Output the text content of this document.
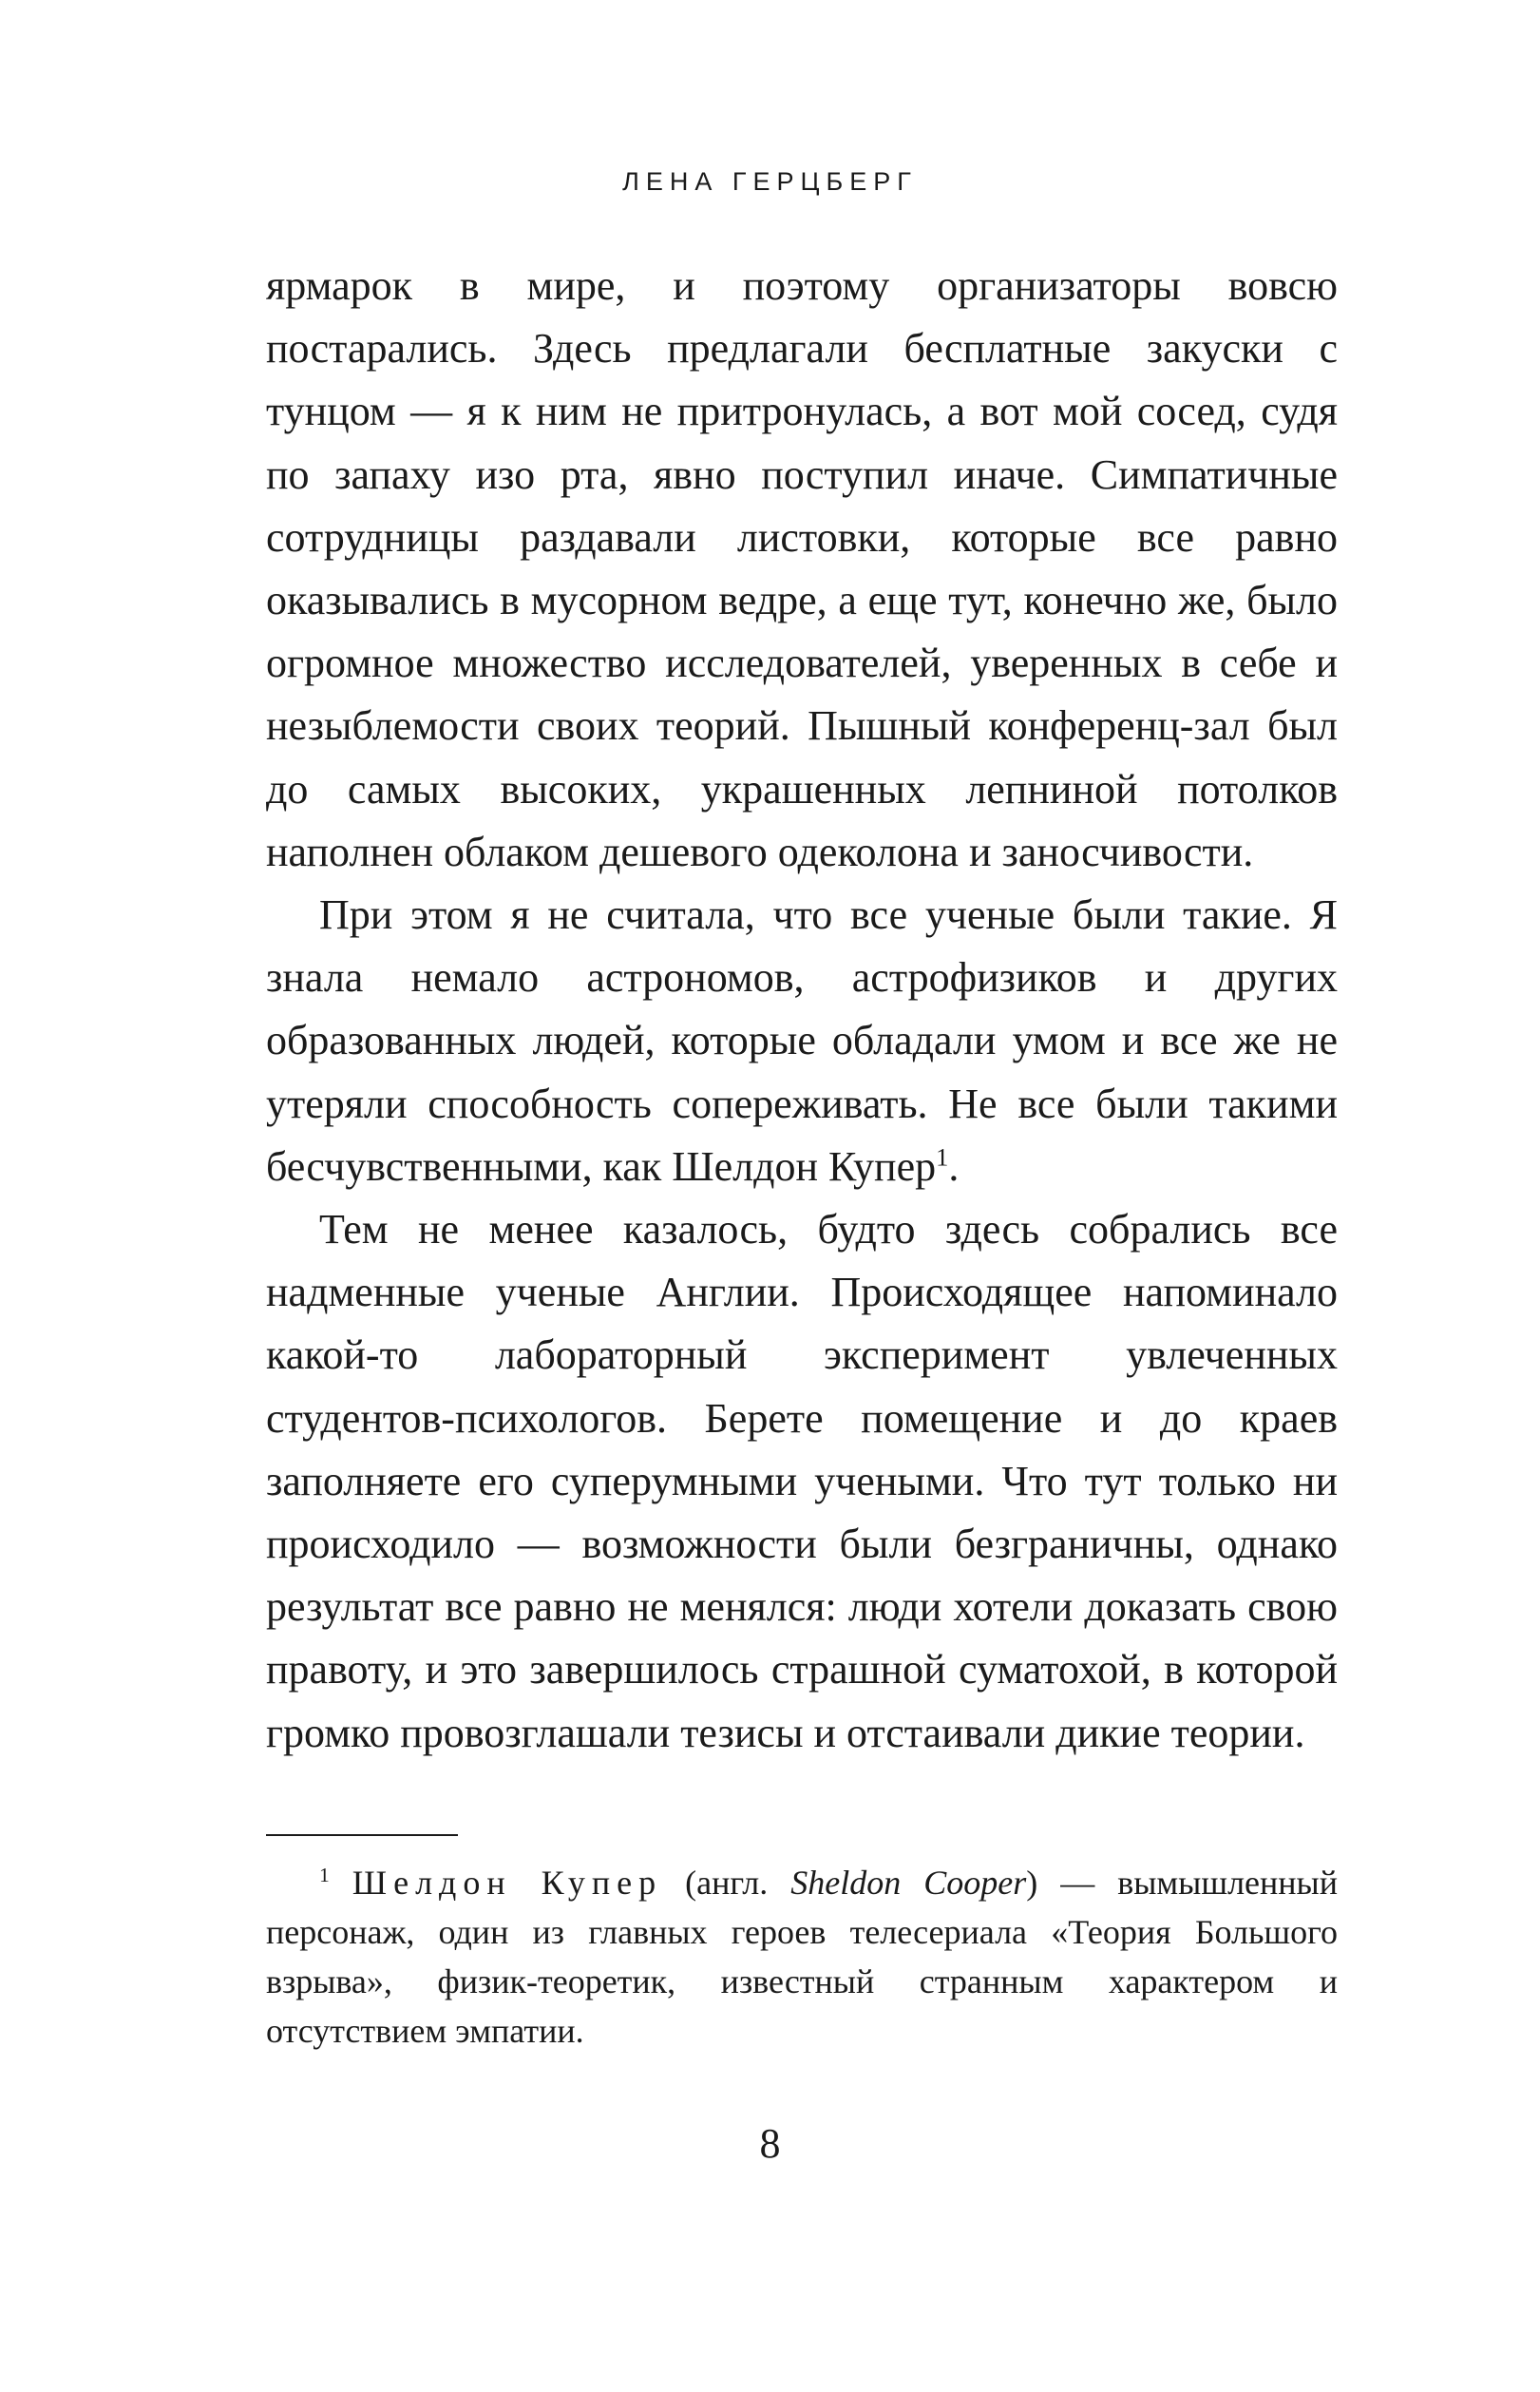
ЛЕНА ГЕРЦБЕРГ

ярмарок в мире, и поэтому организаторы вовсю постарались. Здесь предлагали бесплатные закуски с тунцом — я к ним не притронулась, а вот мой сосед, судя по запаху изо рта, явно поступил иначе. Симпатичные сотрудницы раздавали листовки, которые все равно оказывались в мусорном ведре, а еще тут, конечно же, было огромное множество исследователей, уверенных в себе и незыблемости своих теорий. Пышный конференц-зал был до самых высоких, украшенных лепниной потолков наполнен облаком дешевого одеколона и заносчивости.

При этом я не считала, что все ученые были такие. Я знала немало астрономов, астрофизиков и других образованных людей, которые обладали умом и все же не утеряли способность сопереживать. Не все были такими бесчувственными, как Шелдон Купер$^1$.

Тем не менее казалось, будто здесь собрались все надменные ученые Англии. Происходящее напоминало какой-то лабораторный эксперимент увлеченных студентов-психологов. Берете помещение и до краев заполняете его суперумными учеными. Что тут только ни происходило — возможности были безграничны, однако результат все равно не менялся: люди хотели доказать свою правоту, и это завершилось страшной суматохой, в которой громко провозглашали тезисы и отстаивали дикие теории.

$^1$ Шелдон Купер (англ. Sheldon Cooper) — вымышленный персонаж, один из главных героев телесериала «Теория Большого взрыва», физик-теоретик, известный странным характером и отсутствием эмпатии.
8
